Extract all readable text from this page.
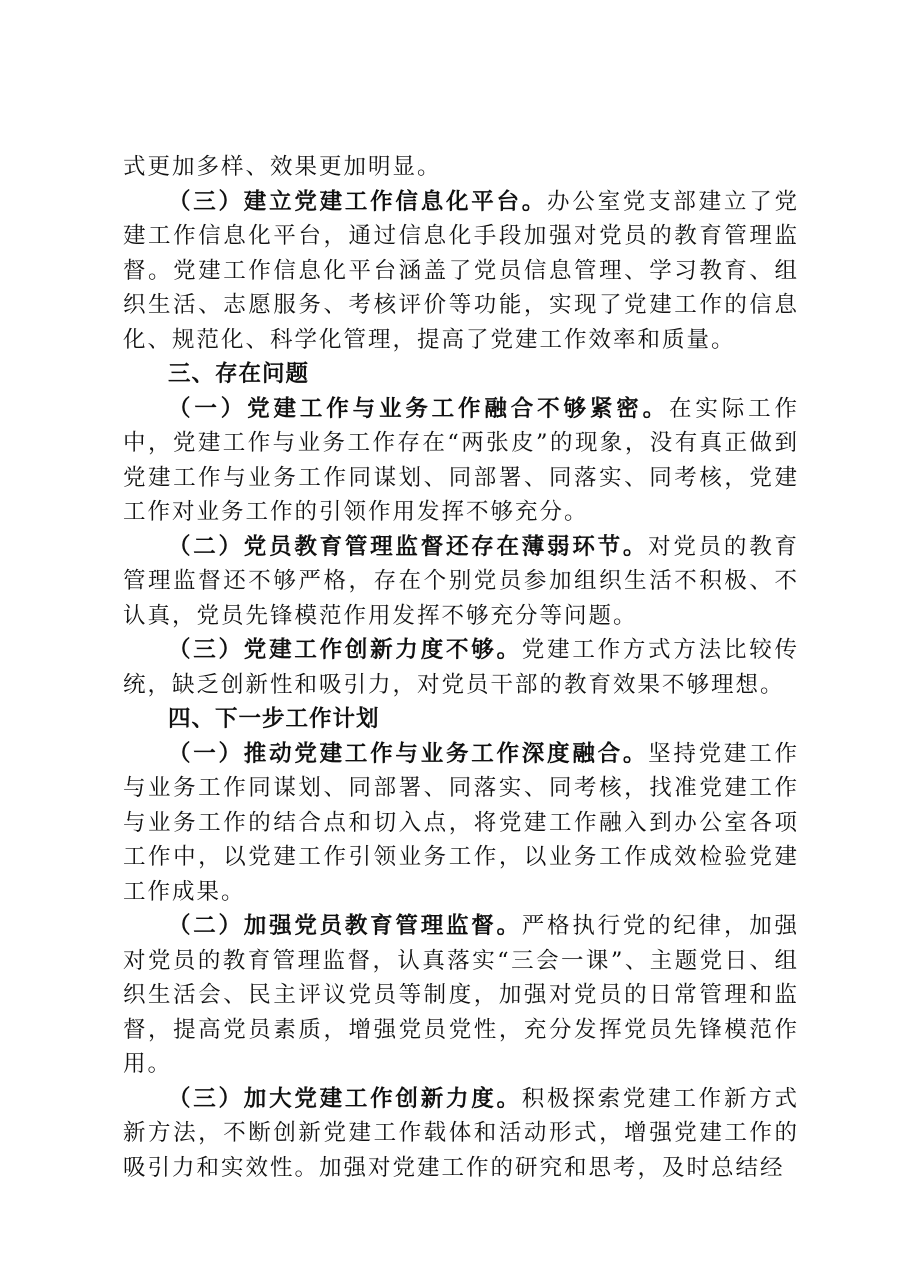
式更加多样、效果更加明显。

（三）建立党建工作信息化平台。办公室党支部建立了党建工作信息化平台，通过信息化手段加强对党员的教育管理监督。党建工作信息化平台涵盖了党员信息管理、学习教育、组织生活、志愿服务、考核评价等功能，实现了党建工作的信息化、规范化、科学化管理，提高了党建工作效率和质量。

三、存在问题

（一）党建工作与业务工作融合不够紧密。在实际工作中，党建工作与业务工作存在“两张皮”的现象，没有真正做到党建工作与业务工作同谋划、同部署、同落实、同考核，党建工作对业务工作的引领作用发挥不够充分。

（二）党员教育管理监督还存在薄弱环节。对党员的教育管理监督还不够严格，存在个别党员参加组织生活不积极、不认真，党员先锋模范作用发挥不够充分等问题。

（三）党建工作创新力度不够。党建工作方式方法比较传统，缺乏创新性和吸引力，对党员干部的教育效果不够理想。

四、下一步工作计划

（一）推动党建工作与业务工作深度融合。坚持党建工作与业务工作同谋划、同部署、同落实、同考核，找准党建工作与业务工作的结合点和切入点，将党建工作融入到办公室各项工作中，以党建工作引领业务工作，以业务工作成效检验党建工作成果。

（二）加强党员教育管理监督。严格执行党的纪律，加强对党员的教育管理监督，认真落实“三会一课”、主题党日、组织生活会、民主评议党员等制度，加强对党员的日常管理和监督，提高党员素质，增强党员党性，充分发挥党员先锋模范作用。

（三）加大党建工作创新力度。积极探索党建工作新方式新方法，不断创新党建工作载体和活动形式，增强党建工作的吸引力和实效性。加强对党建工作的研究和思考，及时总结经
